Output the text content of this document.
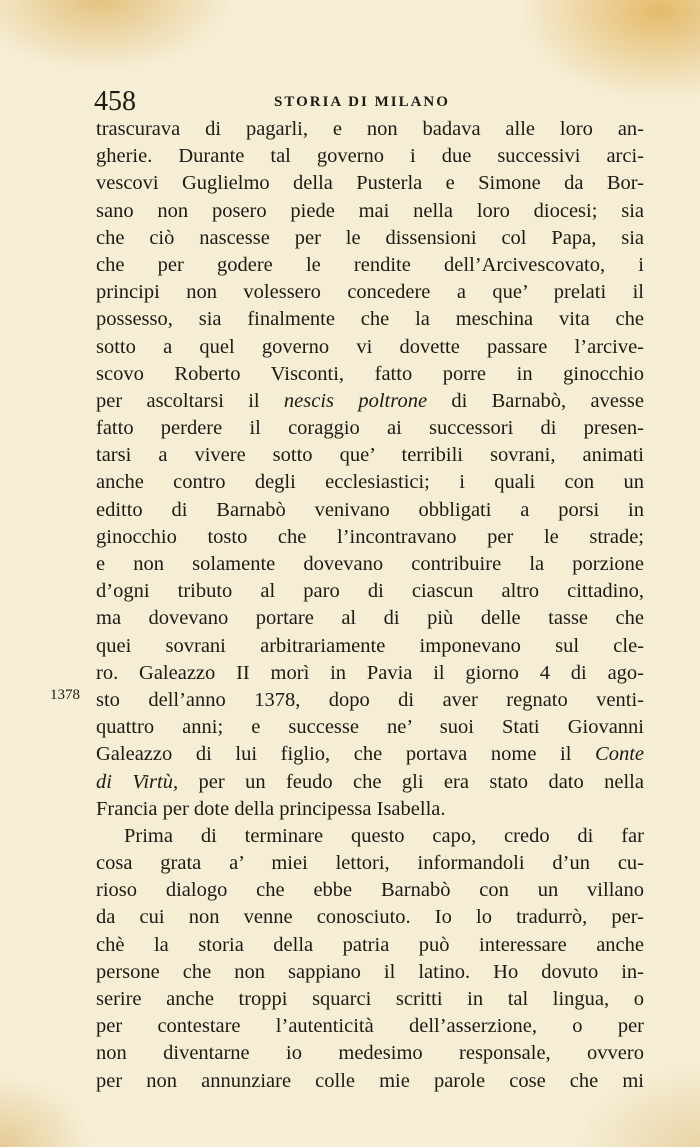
458	STORIA DI MILANO
1378
trascurava di pagarli, e non badava alle loro an-
gherie. Durante tal governo i due successivi arci-
vescovi Guglielmo della Pusterla e Simone da Bor-
sano non posero piede mai nella loro diocesi; sia
che ciò nascesse per le dissensioni col Papa, sia
che per godere le rendite dell’Arcivescovato, i
principi non volessero concedere a que’ prelati il
possesso, sia finalmente che la meschina vita che
sotto a quel governo vi dovette passare l’arcive-
scovo Roberto Visconti, fatto porre in ginocchio
per ascoltarsi il nescis poltrone di Barnabò, avesse
fatto perdere il coraggio ai successori di presen-
tarsi a vivere sotto que’ terribili sovrani, animati
anche contro degli ecclesiastici; i quali con un
editto di Barnabò venivano obbligati a porsi in
ginocchio tosto che l’incontravano per le strade;
e non solamente dovevano contribuire la porzione
d’ogni tributo al paro di ciascun altro cittadino,
ma dovevano portare al di più delle tasse che
quei sovrani arbitrariamente imponevano sul cle-
ro. Galeazzo II morì in Pavia il giorno 4 di ago-
sto dell’anno 1378, dopo di aver regnato venti-
quattro anni; e successe ne’ suoi Stati Giovanni
Galeazzo di lui figlio, che portava nome il Conte
di Virtù, per un feudo che gli era stato dato nella
Francia per dote della principessa Isabella.
Prima di terminare questo capo, credo di far
cosa grata a’ miei lettori, informandoli d’un cu-
rioso dialogo che ebbe Barnabò con un villano
da cui non venne conosciuto. Io lo tradurrò, per-
chè la storia della patria può interessare anche
persone che non sappiano il latino. Ho dovuto in-
serire anche troppi squarci scritti in tal lingua, o
per contestare l’autenticità dell’asserzione, o per
non diventarne io medesimo responsale, ovvero
per non annunziare colle mie parole cose che mi
